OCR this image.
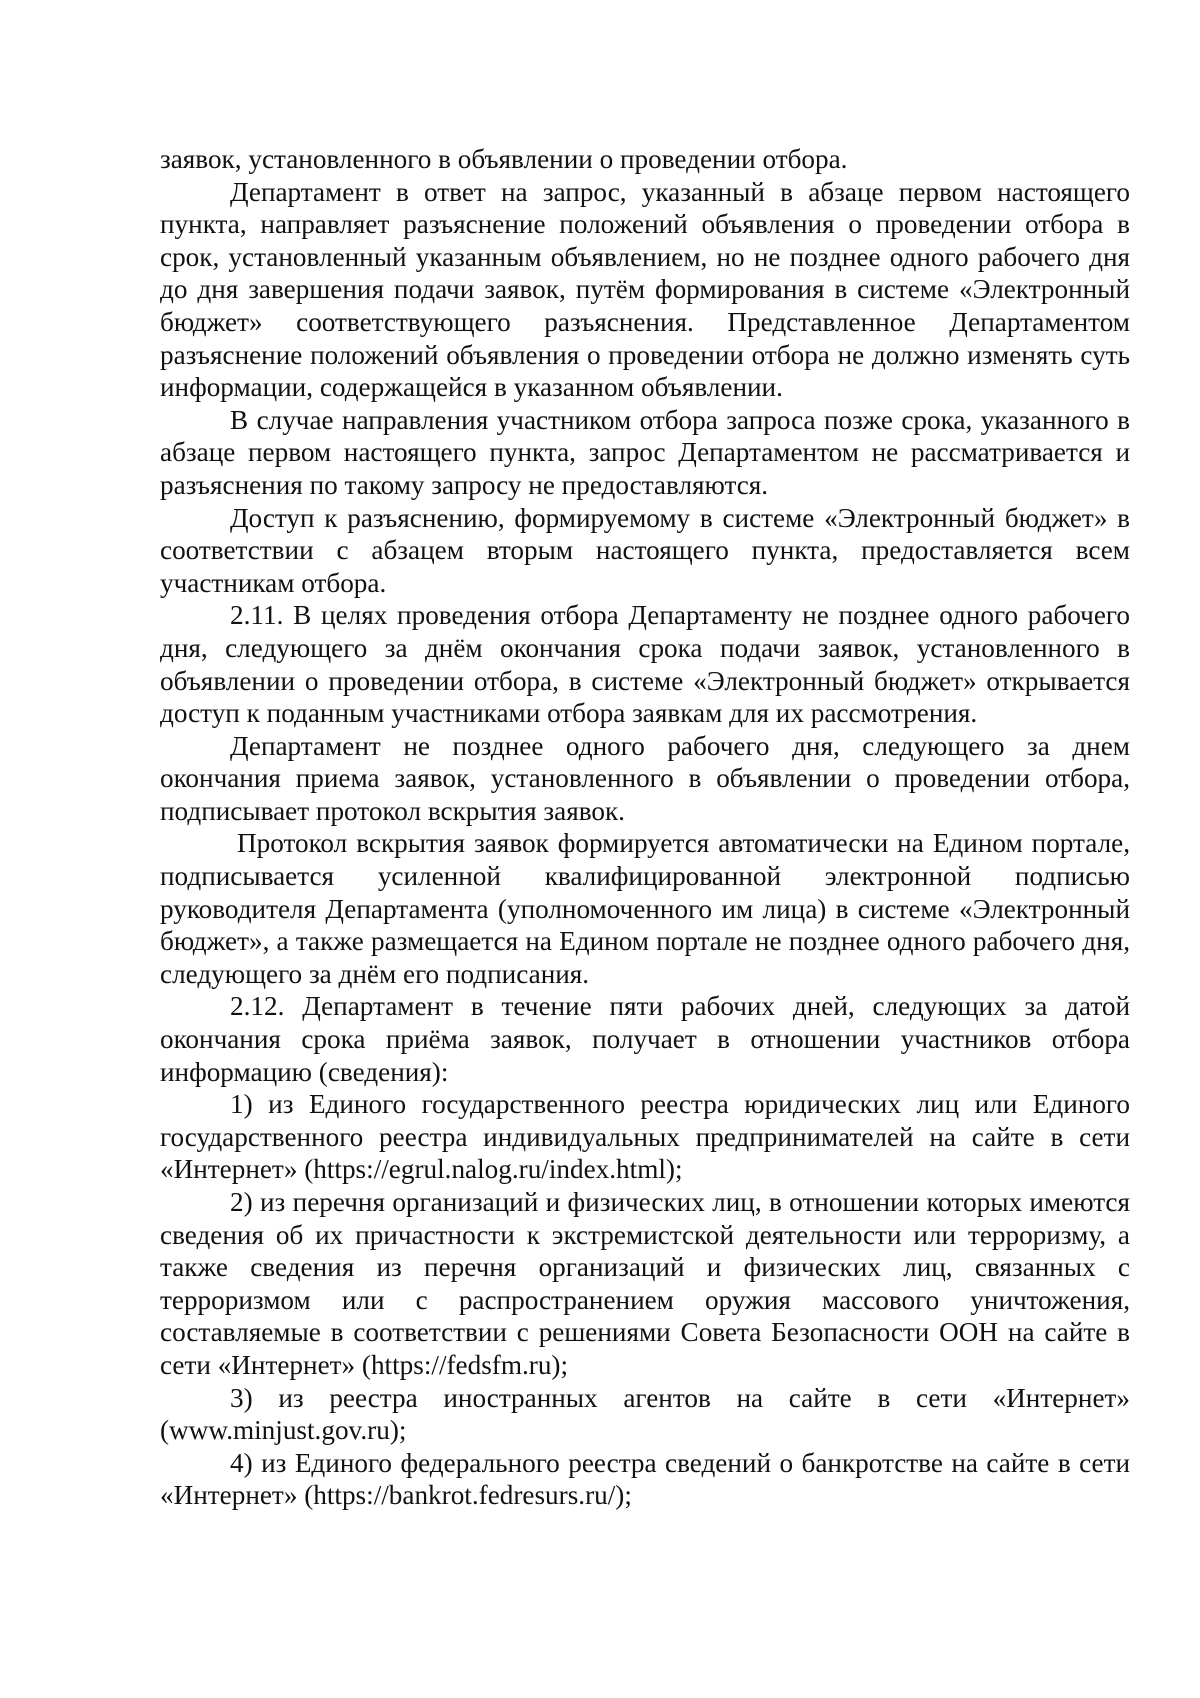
заявок, установленного в объявлении о проведении отбора.

Департамент в ответ на запрос, указанный в абзаце первом настоящего пункта, направляет разъяснение положений объявления о проведении отбора в срок, установленный указанным объявлением, но не позднее одного рабочего дня до дня завершения подачи заявок, путём формирования в системе «Электронный бюджет» соответствующего разъяснения. Представленное Департаментом разъяснение положений объявления о проведении отбора не должно изменять суть информации, содержащейся в указанном объявлении.

В случае направления участником отбора запроса позже срока, указанного в абзаце первом настоящего пункта, запрос Департаментом не рассматривается и разъяснения по такому запросу не предоставляются.

Доступ к разъяснению, формируемому в системе «Электронный бюджет» в соответствии с абзацем вторым настоящего пункта, предоставляется всем участникам отбора.

2.11. В целях проведения отбора Департаменту не позднее одного рабочего дня, следующего за днём окончания срока подачи заявок, установленного в объявлении о проведении отбора, в системе «Электронный бюджет» открывается доступ к поданным участниками отбора заявкам для их рассмотрения.

Департамент не позднее одного рабочего дня, следующего за днем окончания приема заявок, установленного в объявлении о проведении отбора, подписывает протокол вскрытия заявок.

Протокол вскрытия заявок формируется автоматически на Едином портале, подписывается усиленной квалифицированной электронной подписью руководителя Департамента (уполномоченного им лица) в системе «Электронный бюджет», а также размещается на Едином портале не позднее одного рабочего дня, следующего за днём его подписания.

2.12. Департамент в течение пяти рабочих дней, следующих за датой окончания срока приёма заявок, получает в отношении участников отбора информацию (сведения):

1) из Единого государственного реестра юридических лиц или Единого государственного реестра индивидуальных предпринимателей на сайте в сети «Интернет» (https://egrul.nalog.ru/index.html);

2) из перечня организаций и физических лиц, в отношении которых имеются сведения об их причастности к экстремистской деятельности или терроризму, а также сведения из перечня организаций и физических лиц, связанных с терроризмом или с распространением оружия массового уничтожения, составляемые в соответствии с решениями Совета Безопасности ООН на сайте в сети «Интернет» (https://fedsfm.ru);

3) из реестра иностранных агентов на сайте в сети «Интернет» (www.minjust.gov.ru);

4) из Единого федерального реестра сведений о банкротстве на сайте в сети «Интернет» (https://bankrot.fedresurs.ru/);
